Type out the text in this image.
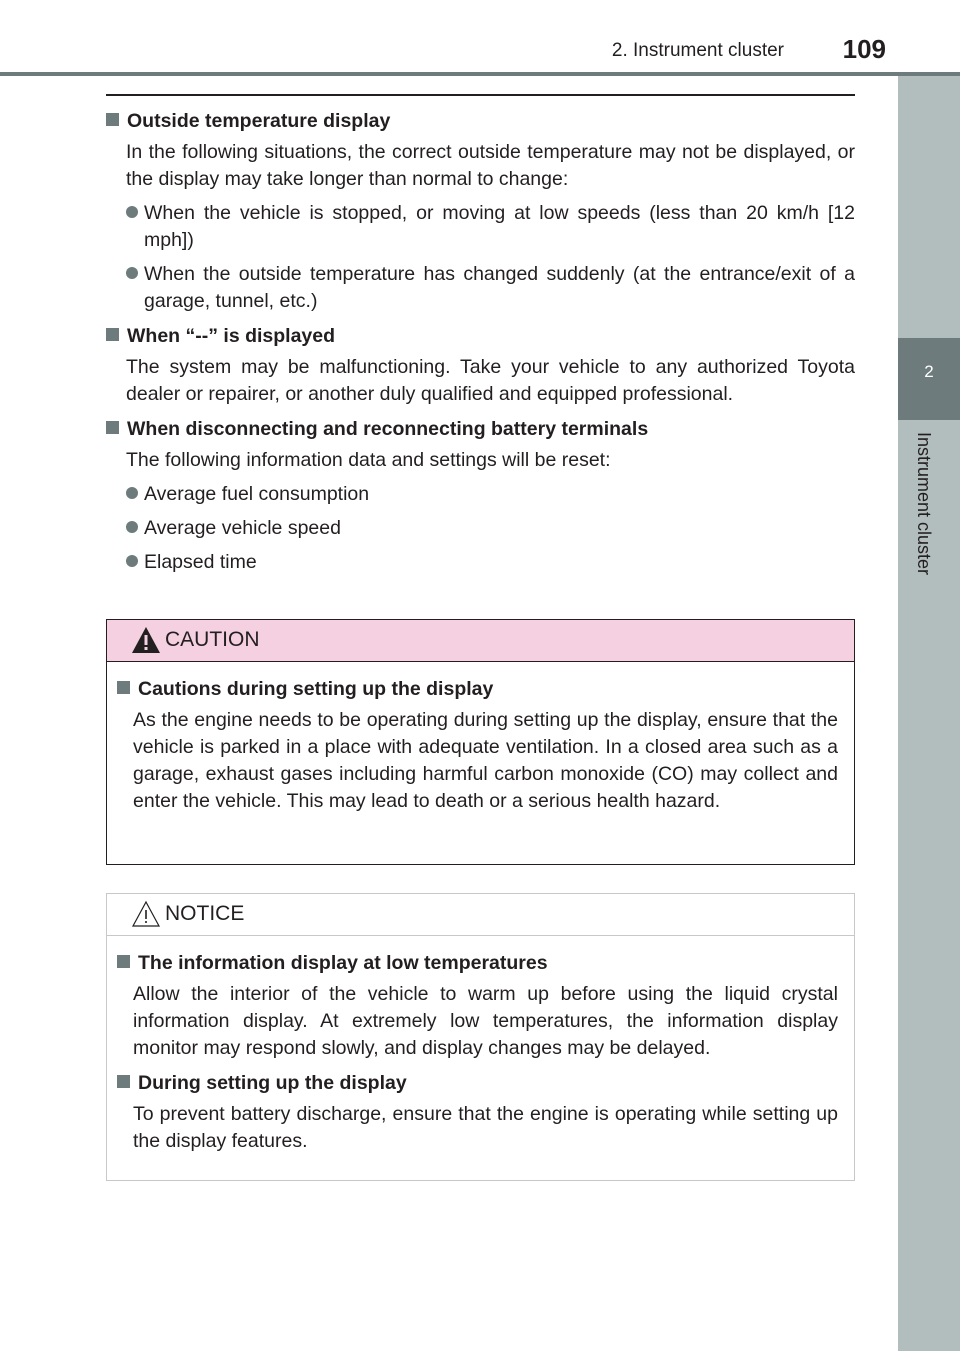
2. Instrument cluster 109
2
Instrument cluster

Outside temperature display

In the following situations, the correct outside temperature may not be displayed, or the display may take longer than normal to change:

When the vehicle is stopped, or moving at low speeds (less than 20 km/h [12 mph])

When the outside temperature has changed suddenly (at the entrance/exit of a garage, tunnel, etc.)

When “--” is displayed

The system may be malfunctioning. Take your vehicle to any authorized Toyota dealer or repairer, or another duly qualified and equipped professional.

When disconnecting and reconnecting battery terminals

The following information data and settings will be reset:

Average fuel consumption

Average vehicle speed

Elapsed time

CAUTION

Cautions during setting up the display

As the engine needs to be operating during setting up the display, ensure that the vehicle is parked in a place with adequate ventilation. In a closed area such as a garage, exhaust gases including harmful carbon monoxide (CO) may collect and enter the vehicle. This may lead to death or a serious health hazard.

NOTICE

The information display at low temperatures

Allow the interior of the vehicle to warm up before using the liquid crystal information display. At extremely low temperatures, the information display monitor may respond slowly, and display changes may be delayed.

During setting up the display

To prevent battery discharge, ensure that the engine is operating while setting up the display features.
